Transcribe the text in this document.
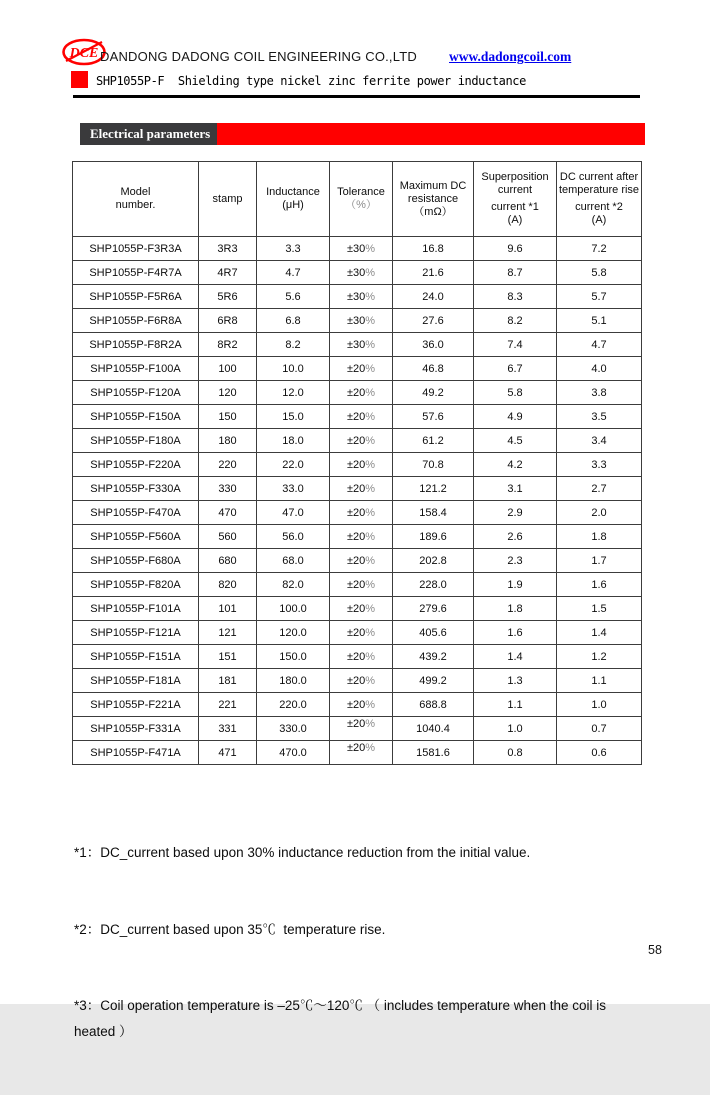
DCE DANDONG DADONG COIL ENGINEERING CO.,LTD www.dadongcoil.com
SHP1055P-F  Shielding type nickel zinc ferrite power inductance
Electrical parameters
Model
number.

stamp

Inductance
(μH)

Tolerance
（%）

Maximum DC
resistance
（mΩ）

Superposition
current
current *1
(A)

DC current after
temperature rise
current *2
(A)

SHP1055P-F3R3A	3R3	3.3	±30%	16.8	9.6	7.2
SHP1055P-F4R7A	4R7	4.7	±30%	21.6	8.7	5.8
SHP1055P-F5R6A	5R6	5.6	±30%	24.0	8.3	5.7
SHP1055P-F6R8A	6R8	6.8	±30%	27.6	8.2	5.1
SHP1055P-F8R2A	8R2	8.2	±30%	36.0	7.4	4.7
SHP1055P-F100A	100	10.0	±20%	46.8	6.7	4.0
SHP1055P-F120A	120	12.0	±20%	49.2	5.8	3.8
SHP1055P-F150A	150	15.0	±20%	57.6	4.9	3.5
SHP1055P-F180A	180	18.0	±20%	61.2	4.5	3.4
SHP1055P-F220A	220	22.0	±20%	70.8	4.2	3.3
SHP1055P-F330A	330	33.0	±20%	121.2	3.1	2.7
SHP1055P-F470A	470	47.0	±20%	158.4	2.9	2.0
SHP1055P-F560A	560	56.0	±20%	189.6	2.6	1.8
SHP1055P-F680A	680	68.0	±20%	202.8	2.3	1.7
SHP1055P-F820A	820	82.0	±20%	228.0	1.9	1.6
SHP1055P-F101A	101	100.0	±20%	279.6	1.8	1.5
SHP1055P-F121A	121	120.0	±20%	405.6	1.6	1.4
SHP1055P-F151A	151	150.0	±20%	439.2	1.4	1.2
SHP1055P-F181A	181	180.0	±20%	499.2	1.3	1.1
SHP1055P-F221A	221	220.0	±20%	688.8	1.1	1.0
SHP1055P-F331A	331	330.0	±20%	1040.4	1.0	0.7
SHP1055P-F471A	471	470.0	±20%	1581.6	0.8	0.6

*1：DC_current based upon 30% inductance reduction from the initial value.

*2：DC_current based upon 35℃  temperature rise.

*3：Coil operation temperature is –25℃～120℃ （ includes temperature when the coil is
heated ）

58
